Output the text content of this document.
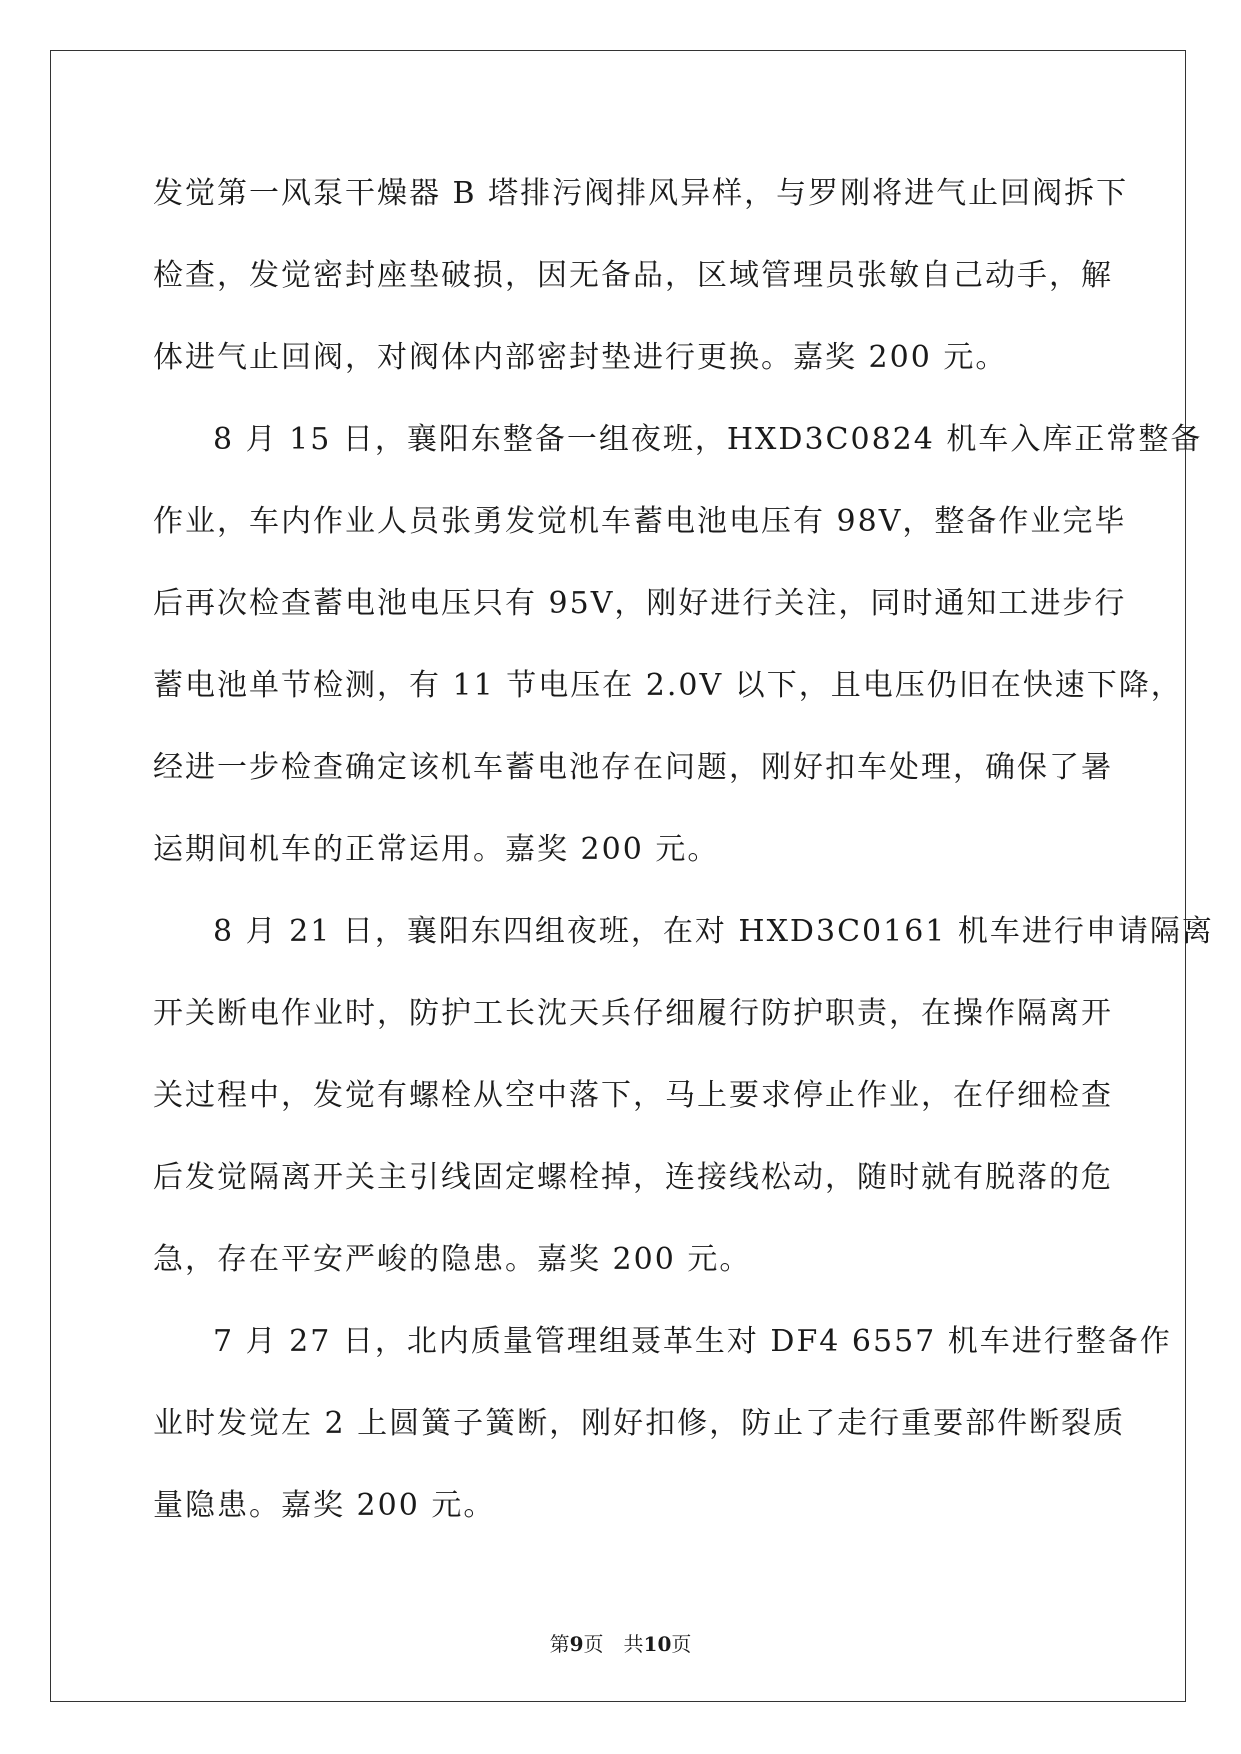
发觉第一风泵干燥器 B 塔排污阀排风异样，与罗刚将进气止回阀拆下
检查，发觉密封座垫破损，因无备品，区域管理员张敏自己动手，解
体进气止回阀，对阀体内部密封垫进行更换。嘉奖 200 元。
8 月 15 日，襄阳东整备一组夜班，HXD3C0824 机车入库正常整备
作业，车内作业人员张勇发觉机车蓄电池电压有 98V，整备作业完毕
后再次检查蓄电池电压只有 95V，刚好进行关注，同时通知工进步行
蓄电池单节检测，有 11 节电压在 2.0V 以下，且电压仍旧在快速下降，
经进一步检查确定该机车蓄电池存在问题，刚好扣车处理，确保了暑
运期间机车的正常运用。嘉奖 200 元。
8 月 21 日，襄阳东四组夜班，在对 HXD3C0161 机车进行申请隔离
开关断电作业时，防护工长沈天兵仔细履行防护职责，在操作隔离开
关过程中，发觉有螺栓从空中落下，马上要求停止作业，在仔细检查
后发觉隔离开关主引线固定螺栓掉，连接线松动，随时就有脱落的危
急，存在平安严峻的隐患。嘉奖 200 元。
7 月 27 日，北内质量管理组聂革生对 DF4 6557 机车进行整备作
业时发觉左 2 上圆簧子簧断，刚好扣修，防止了走行重要部件断裂质
量隐患。嘉奖 200 元。
第9页　共10页
